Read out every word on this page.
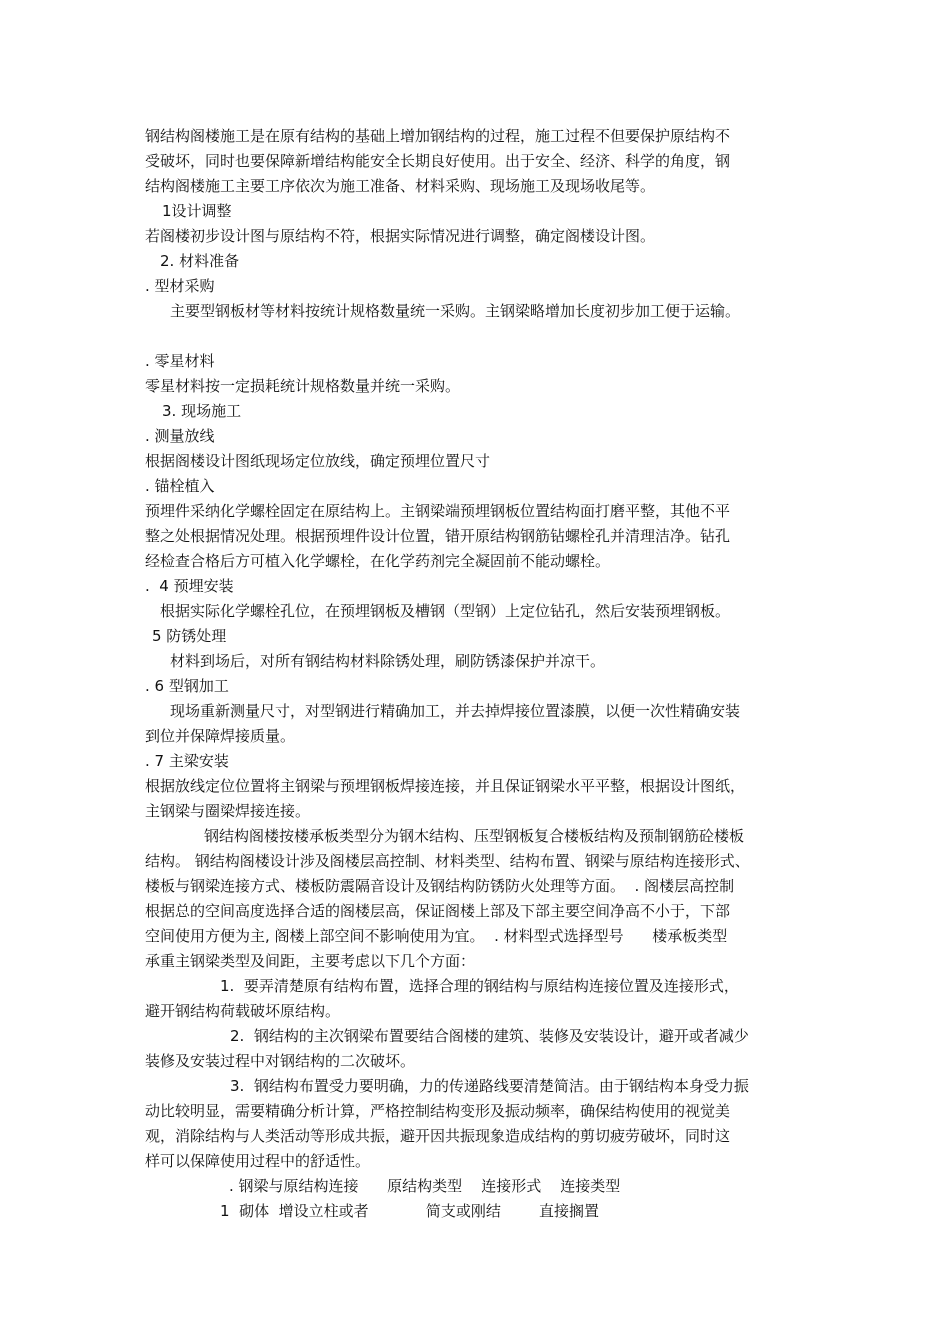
钢结构阁楼施工是在原有结构的基础上增加钢结构的过程，施工过程不但要保护原结构不
受破坏，同时也要保障新增结构能安全长期良好使用。出于安全、经济、科学的角度，钢
结构阁楼施工主要工序依次为施工准备、材料采购、现场施工及现场收尾等。
1设计调整
若阁楼初步设计图与原结构不符，根据实际情况进行调整，确定阁楼设计图。
2. 材料准备
. 型材采购
主要型钢板材等材料按统计规格数量统一采购。主钢梁略增加长度初步加工便于运输。
. 零星材料
零星材料按一定损耗统计规格数量并统一采购。
3. 现场施工
. 测量放线
根据阁楼设计图纸现场定位放线，确定预埋位置尺寸
. 锚栓植入
预埋件采纳化学螺栓固定在原结构上。主钢梁端预埋钢板位置结构面打磨平整，其他不平
整之处根据情况处理。根据预埋件设计位置，错开原结构钢筋钻螺栓孔并清理洁净。钻孔
经检查合格后方可植入化学螺栓，在化学药剂完全凝固前不能动螺栓。
.  4 预埋安装
根据实际化学螺栓孔位，在预埋钢板及槽钢（型钢）上定位钻孔，然后安装预埋钢板。
5 防锈处理
材料到场后，对所有钢结构材料除锈处理，刷防锈漆保护并凉干。
. 6 型钢加工
现场重新测量尺寸，对型钢进行精确加工，并去掉焊接位置漆膜，以便一次性精确安装
到位并保障焊接质量。
. 7 主梁安装
根据放线定位位置将主钢梁与预埋钢板焊接连接，并且保证钢梁水平平整，根据设计图纸，
主钢梁与圈梁焊接连接。
钢结构阁楼按楼承板类型分为钢木结构、压型钢板复合楼板结构及预制钢筋砼楼板
结构。 钢结构阁楼设计涉及阁楼层高控制、材料类型、结构布置、钢梁与原结构连接形式、
楼板与钢梁连接方式、楼板防震隔音设计及钢结构防锈防火处理等方面。  . 阁楼层高控制
根据总的空间高度选择合适的阁楼层高，保证阁楼上部及下部主要空间净高不小于，下部
空间使用方便为主, 阁楼上部空间不影响使用为宜。  . 材料型式选择型号      楼承板类型
承重主钢梁类型及间距，主要考虑以下几个方面：
1.  要弄清楚原有结构布置，选择合理的钢结构与原结构连接位置及连接形式，
避开钢结构荷载破坏原结构。
2.  钢结构的主次钢梁布置要结合阁楼的建筑、装修及安装设计，避开或者减少
装修及安装过程中对钢结构的二次破坏。
3.  钢结构布置受力要明确，力的传递路线要清楚简洁。由于钢结构本身受力振
动比较明显，需要精确分析计算，严格控制结构变形及振动频率，确保结构使用的视觉美
观，消除结构与人类活动等形成共振，避开因共振现象造成结构的剪切疲劳破坏，同时这
样可以保障使用过程中的舒适性。
. 钢梁与原结构连接      原结构类型    连接形式    连接类型
1  砌体  增设立柱或者            简支或刚结        直接搁置
